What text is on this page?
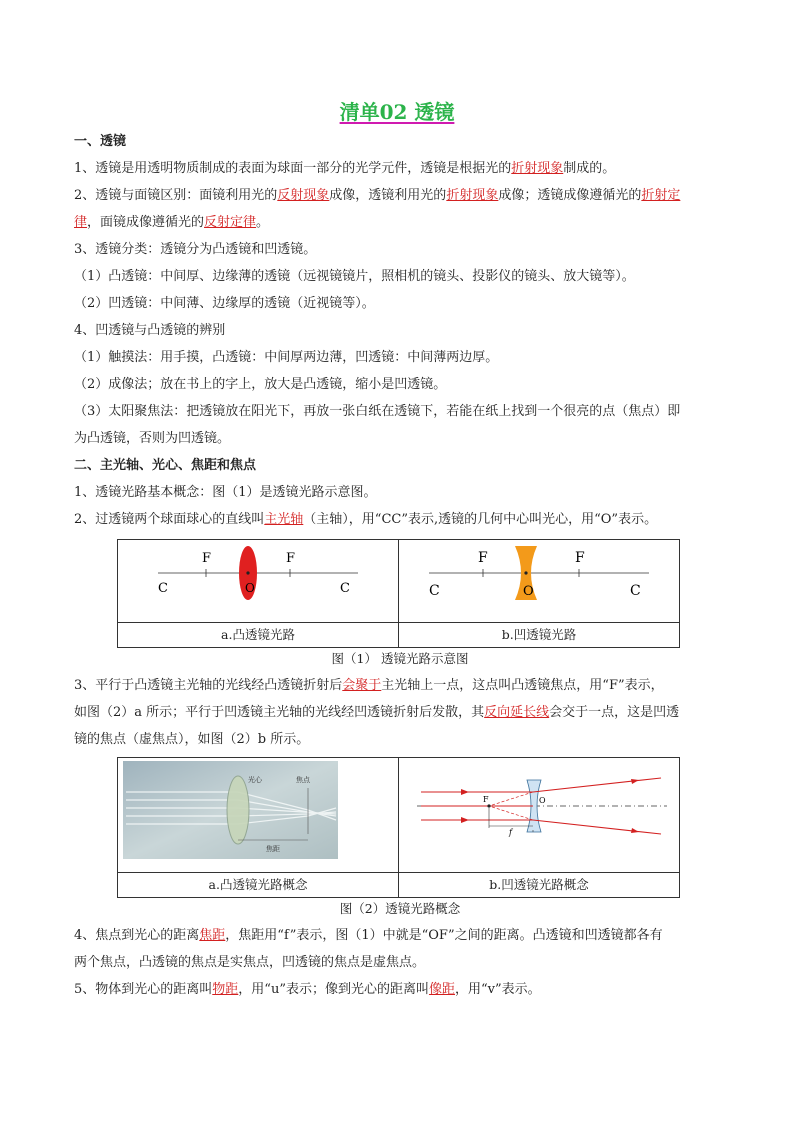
清单02 透镜

一、透镜

1、透镜是用透明物质制成的表面为球面一部分的光学元件，透镜是根据光的折射现象制成的。

2、透镜与面镜区别：面镜利用光的反射现象成像，透镜利用光的折射现象成像；透镜成像遵循光的折射定

律，面镜成像遵循光的反射定律。

3、透镜分类：透镜分为凸透镜和凹透镜。

（1）凸透镜：中间厚、边缘薄的透镜（远视镜镜片，照相机的镜头、投影仪的镜头、放大镜等）。

（2）凹透镜：中间薄、边缘厚的透镜（近视镜等）。

4、凹透镜与凸透镜的辨别

（1）触摸法：用手摸，凸透镜：中间厚两边薄，凹透镜：中间薄两边厚。

（2）成像法；放在书上的字上，放大是凸透镜，缩小是凹透镜。

（3）太阳聚焦法：把透镜放在阳光下，再放一张白纸在透镜下，若能在纸上找到一个很亮的点（焦点）即

为凸透镜，否则为凹透镜。

二、主光轴、光心、焦距和焦点

1、透镜光路基本概念：图（1）是透镜光路示意图。

2、过透镜两个球面球心的直线叫主光轴（主轴），用“CC”表示,透镜的几何中心叫光心，用“O”表示。

F F
C C
O	F F
C C
O

a.凸透镜光路	b.凹透镜光路

图（1） 透镜光路示意图

3、平行于凸透镜主光轴的光线经凸透镜折射后会聚于主光轴上一点，这点叫凸透镜焦点，用“F”表示，

如图（2）a 所示；平行于凹透镜主光轴的光线经凹透镜折射后发散，其反向延长线会交于一点，这是凹透

镜的焦点（虚焦点），如图（2）b 所示。

光心 焦点
焦距	F O
f

a.凸透镜光路概念	b.凹透镜光路概念

图（2）透镜光路概念

4、焦点到光心的距离焦距，焦距用“f”表示，图（1）中就是“OF”之间的距离。凸透镜和凹透镜都各有

两个焦点，凸透镜的焦点是实焦点，凹透镜的焦点是虚焦点。

5、物体到光心的距离叫物距，用“u”表示；像到光心的距离叫像距，用“v”表示。
